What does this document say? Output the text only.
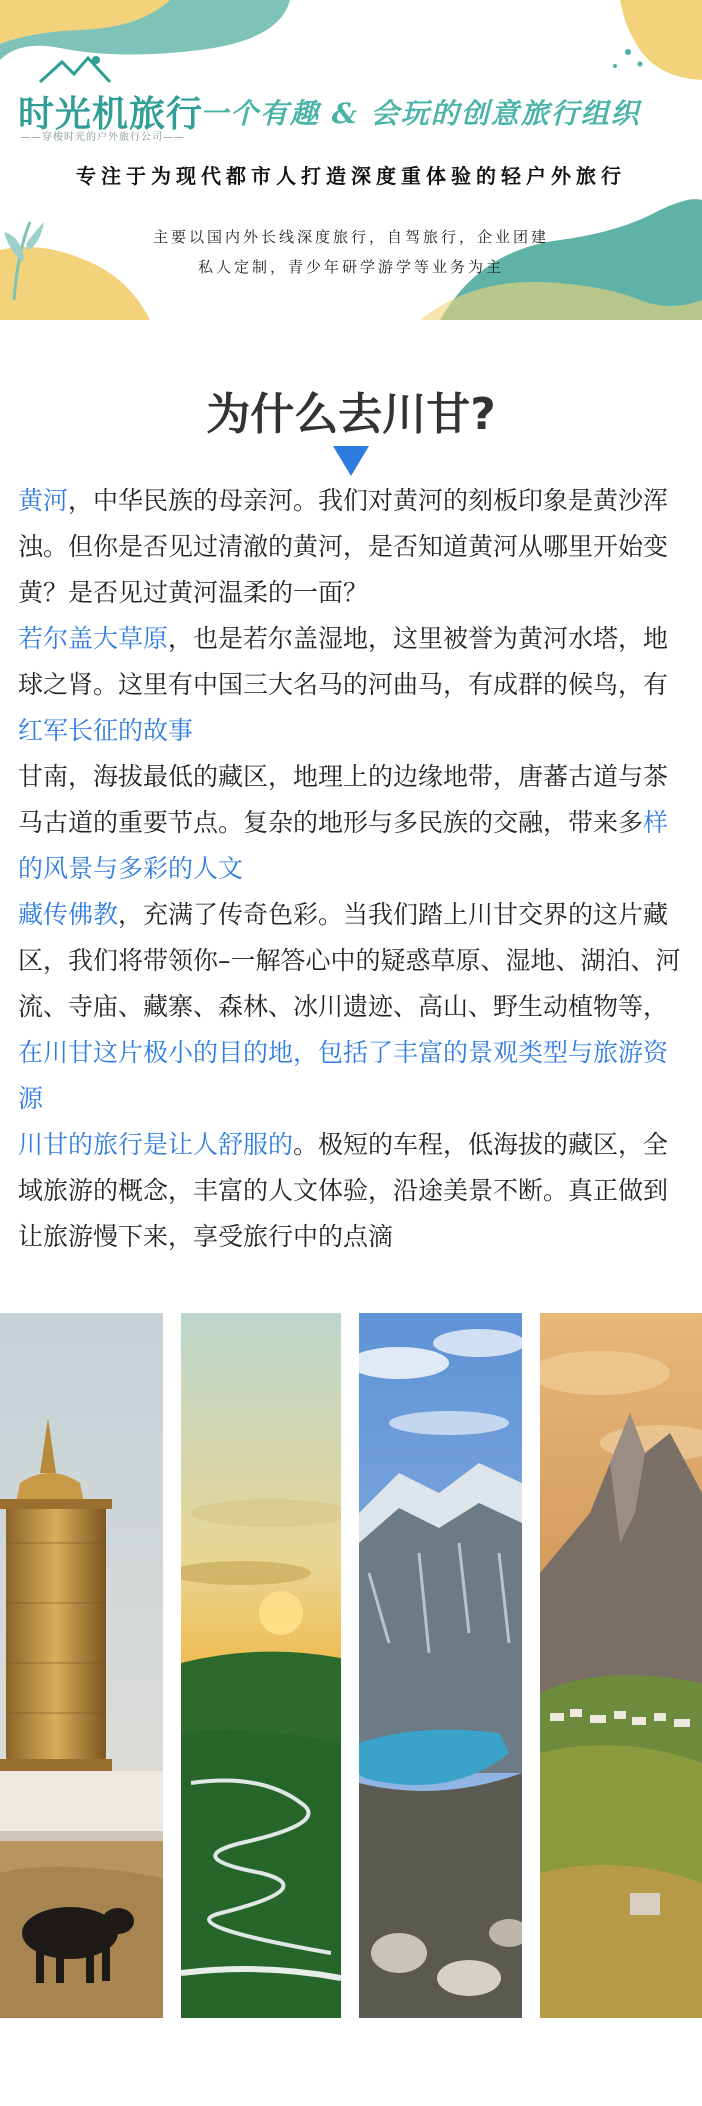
时光机旅行
——穿梭时光的户外旅行公司——
一个有趣 & 会玩的创意旅行组织
专注于为现代都市人打造深度重体验的轻户外旅行
主要以国内外长线深度旅行，自驾旅行，企业团建
私人定制，青少年研学游学等业务为主
为什么去川甘?

黄河，中华民族的母亲河。我们对黄河的刻板印象是黄沙浑浊。但你是否见过清澈的黄河，是否知道黄河从哪里开始变黄？是否见过黄河温柔的一面？

若尔盖大草原，也是若尔盖湿地，这里被誉为黄河水塔，地球之肾。这里有中国三大名马的河曲马，有成群的候鸟，有红军长征的故事

甘南，海拔最低的藏区，地理上的边缘地带，唐蕃古道与茶马古道的重要节点。复杂的地形与多民族的交融，带来多样的风景与多彩的人文

藏传佛教，充满了传奇色彩。当我们踏上川甘交界的这片藏区，我们将带领你–一解答心中的疑惑草原、湿地、湖泊、河流、寺庙、藏寨、森林、冰川遗迹、高山、野生动植物等，在川甘这片极小的目的地，包括了丰富的景观类型与旅游资源

川甘的旅行是让人舒服的。极短的车程，低海拔的藏区，全域旅游的概念，丰富的人文体验，沿途美景不断。真正做到让旅游慢下来，享受旅行中的点滴
